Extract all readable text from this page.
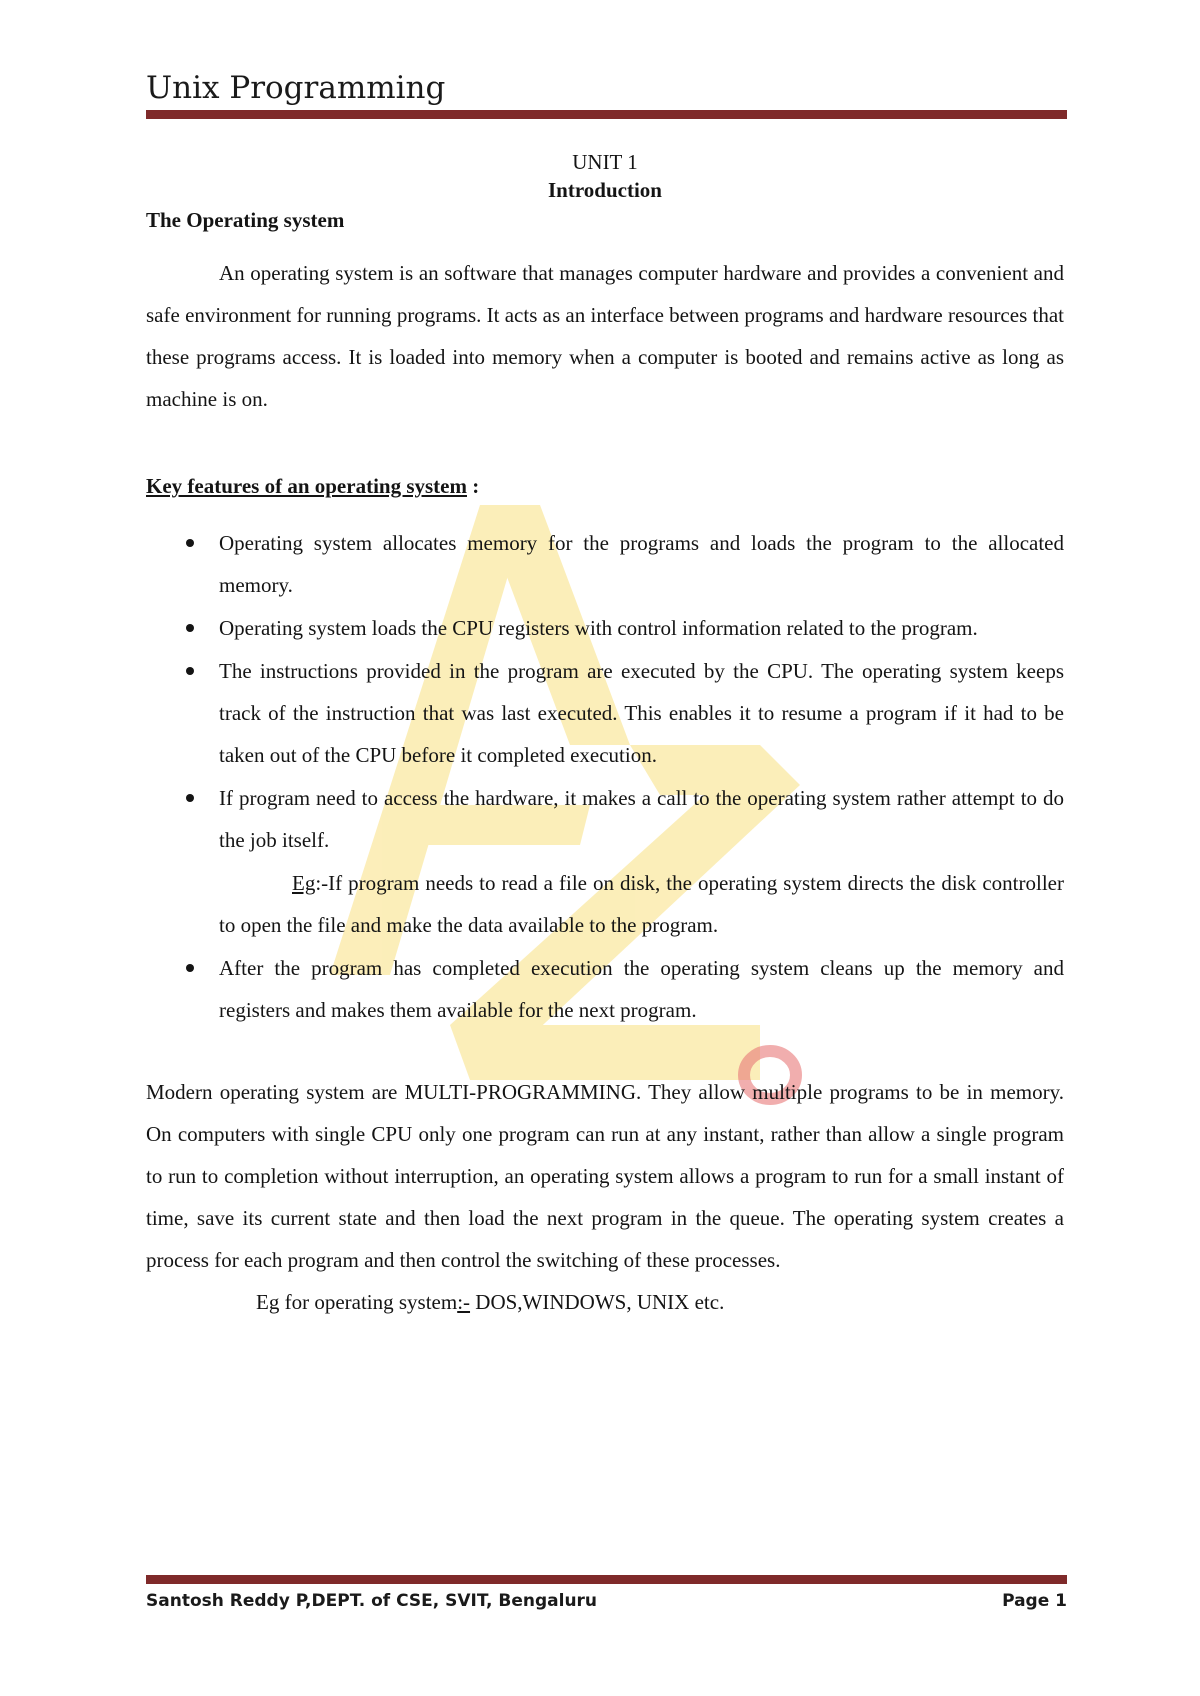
Unix Programming
UNIT 1
Introduction
The Operating system

An operating system is an software that manages computer hardware and provides a convenient and safe environment for running programs. It acts as an interface between programs and hardware resources that these programs access. It is loaded into memory when a computer is booted and remains active as long as machine is on.

Key features of an operating system :
Operating system allocates memory for the programs and loads the program to the allocated memory.
Operating system loads the CPU registers with control information related to the program.
The instructions provided in the program are executed by the CPU. The operating system keeps track of the instruction that was last executed. This enables it to resume a program if it had to be taken out of the CPU before it completed execution.
If program need to access the hardware, it makes a call to the operating system rather attempt to do the job itself.
Eg:-If program needs to read a file on disk, the operating system directs the disk controller to open the file and make the data available to the program.
After the program has completed execution the operating system cleans up the memory and registers and makes them available for the next program.

Modern operating system are MULTI-PROGRAMMING. They allow multiple programs to be in memory. On computers with single CPU only one program can run at any instant, rather than allow a single program to run to completion without interruption, an operating system allows a program to run for a small instant of time, save its current state and then load the next program in the queue. The operating system creates a process for each program and then control the switching of these processes.

Eg for operating system:- DOS,WINDOWS, UNIX etc.
Santosh Reddy P,DEPT. of CSE, SVIT, Bengaluru	Page 1
